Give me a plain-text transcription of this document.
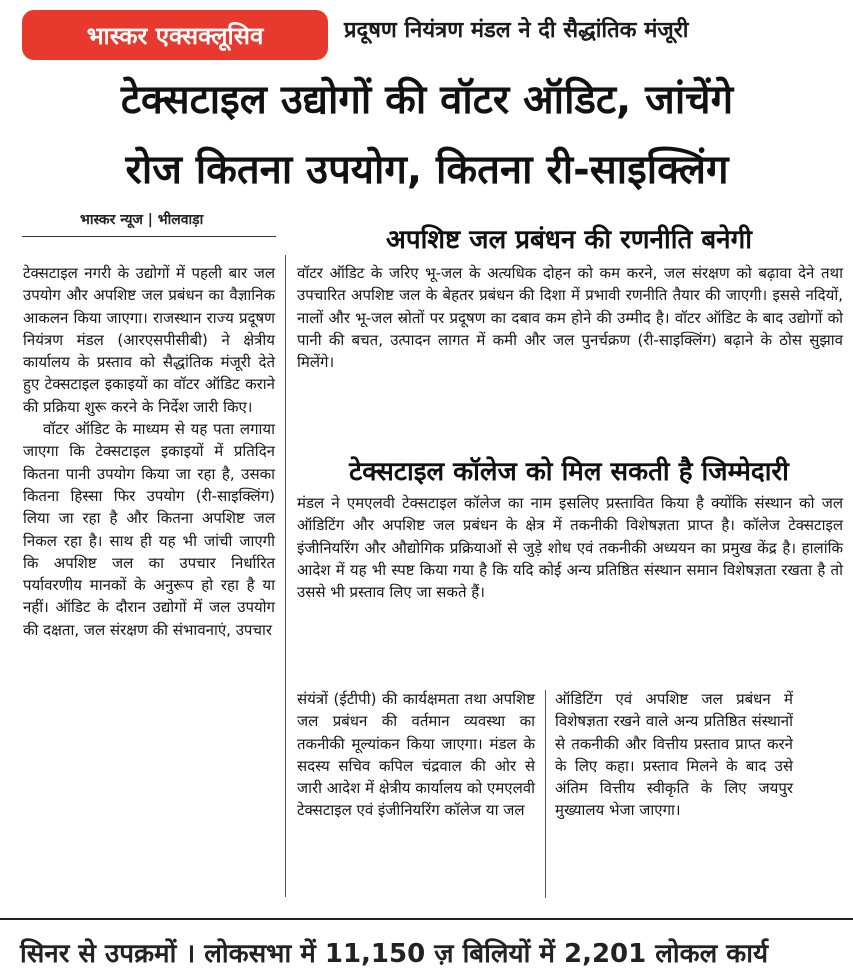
भास्कर एक्सक्लूसिव	प्रदूषण नियंत्रण मंडल ने दी सैद्धांतिक मंजूरी
टेक्सटाइल उद्योगों की वॉटर ऑडिट, जांचेंगे
रोज कितना उपयोग, कितना री-साइक्लिंग
भास्कर न्यूज | भीलवाड़ा

टेक्सटाइल नगरी के उद्योगों में पहली बार जल उपयोग और अपशिष्ट जल प्रबंधन का वैज्ञानिक आकलन किया जाएगा। राजस्थान राज्य प्रदूषण नियंत्रण मंडल (आरएसपीसीबी) ने क्षेत्रीय कार्यालय के प्रस्ताव को सैद्धांतिक मंजूरी देते हुए टेक्सटाइल इकाइयों का वॉटर ऑडिट कराने की प्रक्रिया शुरू करने के निर्देश जारी किए।

वॉटर ऑडिट के माध्यम से यह पता लगाया जाएगा कि टेक्सटाइल इकाइयों में प्रतिदिन कितना पानी उपयोग किया जा रहा है, उसका कितना हिस्सा फिर उपयोग (री-साइक्लिंग) लिया जा रहा है और कितना अपशिष्ट जल निकल रहा है। साथ ही यह भी जांची जाएगी कि अपशिष्ट जल का उपचार निर्धारित पर्यावरणीय मानकों के अनुरूप हो रहा है या नहीं। ऑडिट के दौरान उद्योगों में जल उपयोग की दक्षता, जल संरक्षण की संभावनाएं, उपचार

अपशिष्ट जल प्रबंधन की रणनीति बनेगी
वॉटर ऑडिट के जरिए भू-जल के अत्यधिक दोहन को कम करने, जल संरक्षण को बढ़ावा देने तथा उपचारित अपशिष्ट जल के बेहतर प्रबंधन की दिशा में प्रभावी रणनीति तैयार की जाएगी। इससे नदियों, नालों और भू-जल स्रोतों पर प्रदूषण का दबाव कम होने की उम्मीद है। वॉटर ऑडिट के बाद उद्योगों को पानी की बचत, उत्पादन लागत में कमी और जल पुनर्चक्रण (री-साइक्लिंग) बढ़ाने के ठोस सुझाव मिलेंगे।
टेक्सटाइल कॉलेज को मिल सकती है जिम्मेदारी
मंडल ने एमएलवी टेक्सटाइल कॉलेज का नाम इसलिए प्रस्तावित किया है क्योंकि संस्थान को जल ऑडिटिंग और अपशिष्ट जल प्रबंधन के क्षेत्र में तकनीकी विशेषज्ञता प्राप्त है। कॉलेज टेक्सटाइल इंजीनियरिंग और औद्योगिक प्रक्रियाओं से जुड़े शोध एवं तकनीकी अध्ययन का प्रमुख केंद्र है। हालांकि आदेश में यह भी स्पष्ट किया गया है कि यदि कोई अन्य प्रतिष्ठित संस्थान समान विशेषज्ञता रखता है तो उससे भी प्रस्ताव लिए जा सकते हैं।
संयंत्रों (ईटीपी) की कार्यक्षमता तथा अपशिष्ट जल प्रबंधन की वर्तमान व्यवस्था का तकनीकी मूल्यांकन किया जाएगा। मंडल के सदस्य सचिव कपिल चंद्रवाल की ओर से जारी आदेश में क्षेत्रीय कार्यालय को एमएलवी टेक्सटाइल एवं इंजीनियरिंग कॉलेज या जल
ऑडिटिंग एवं अपशिष्ट जल प्रबंधन में विशेषज्ञता रखने वाले अन्य प्रतिष्ठित संस्थानों से तकनीकी और वित्तीय प्रस्ताव प्राप्त करने के लिए कहा। प्रस्ताव मिलने के बाद उसे अंतिम वित्तीय स्वीकृति के लिए जयपुर मुख्यालय भेजा जाएगा।
सिनर से उपक्रमों । लोकसभा में 11,150 ज़ बिलियों में 2,201 लोकल कार्य
